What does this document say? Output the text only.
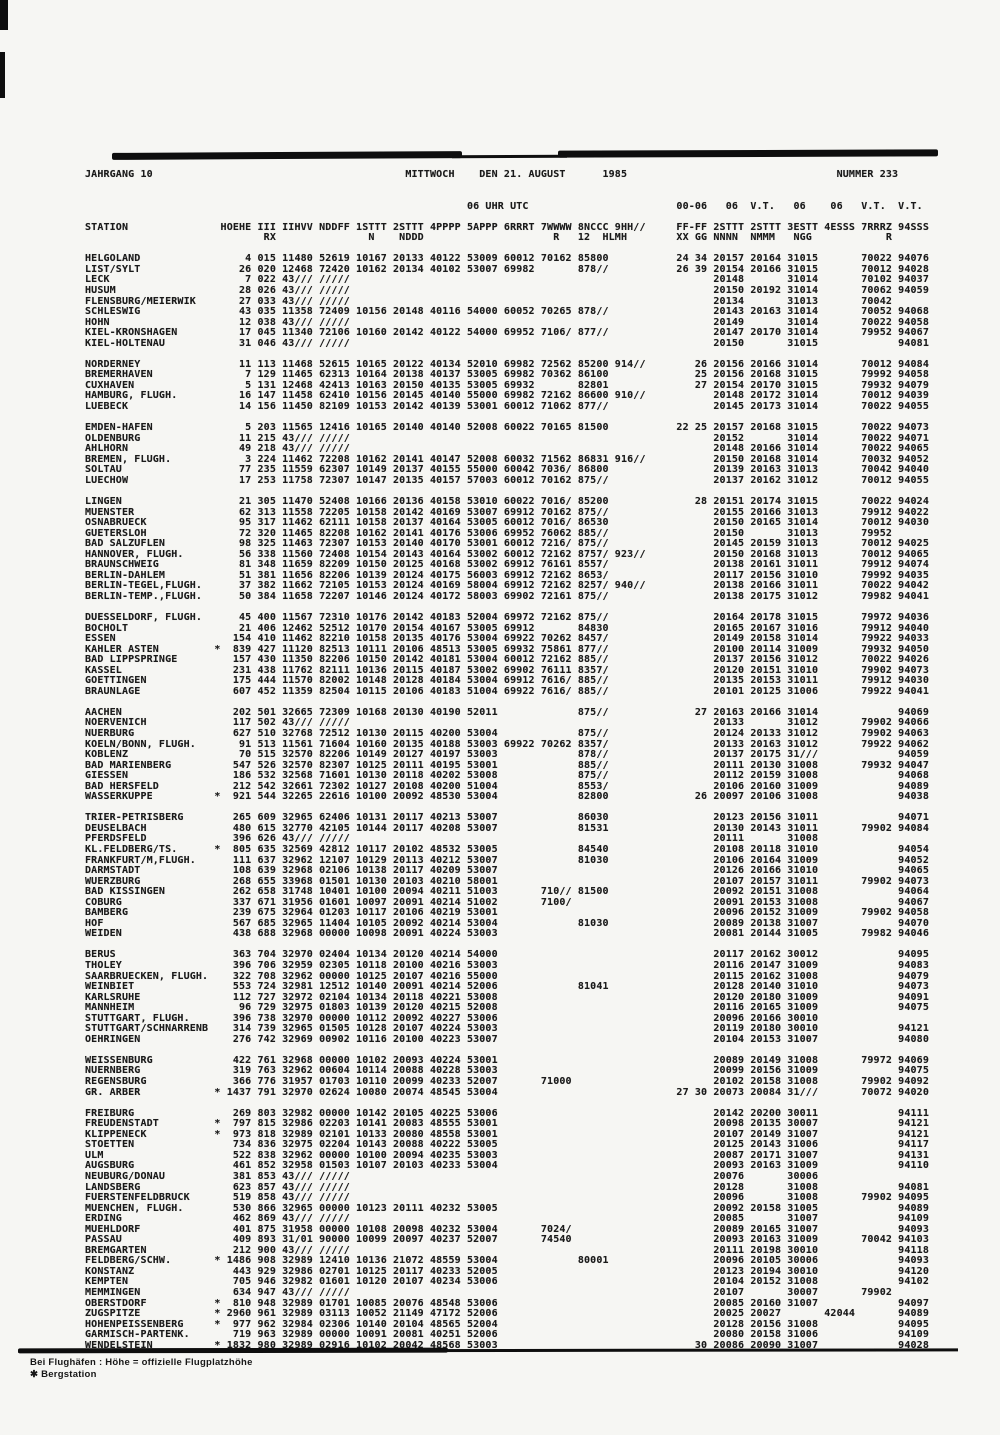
JAHRGANG 10                                         MITTWOCH    DEN 21. AUGUST      1985                                  NUMMER 233
06 UHR UTC                        00-06   06  V.T.   06    06   V.T.  V.T.
STATION               HOEHE III IIHVV NDDFF 1STTT 2STTT 4PPPP 5APPP 6RRRT 7WWWW 8NCCC 9HH//     FF-FF 2STTT 2STTT 3ESTT 4ESSS 7RRRZ 94SSS
RX               N    NDDD                     R   12  HLMH        XX GG NNNN  NMMM   NGG            R
HELGOLAND                 4 015 11480 52619 10167 20133 40122 53009 60012 70162 85800           24 34 20157 20164 31015       70022 94076
LIST/SYLT                26 020 12468 72420 10162 20134 40102 53007 69982       878//           26 39 20154 20166 31015       70012 94028
LECK                      7 022 43/// /////                                                           20148       31014       70102 94037
HUSUM                    28 026 43/// /////                                                           20150 20192 31014       70062 94059
FLENSBURG/MEIERWIK       27 033 43/// /////                                                           20134       31013       70042
SCHLESWIG                43 035 11358 72409 10156 20148 40116 54000 60052 70265 878//                 20143 20163 31014       70052 94068
HOHN                     12 038 43/// /////                                                           20149       31014       70022 94058
KIEL-KRONSHAGEN          17 045 11340 72106 10160 20142 40122 54000 69952 7106/ 877//                 20147 20170 31014       79952 94067
KIEL-HOLTENAU            31 046 43/// /////                                                           20150       31015             94081
NORDERNEY                11 113 11468 52615 10165 20122 40134 52010 69982 72562 85200 914//        26 20156 20166 31014       70012 94084
BREMERHAVEN               7 129 11465 62313 10164 20138 40137 53005 69982 70362 86100              25 20156 20168 31015       79992 94058
CUXHAVEN                  5 131 12468 42413 10163 20150 40135 53005 69932       82801              27 20154 20170 31015       79932 94079
HAMBURG, FLUGH.          16 147 11458 62410 10156 20145 40140 55000 69982 72162 86600 910//           20148 20172 31014       70012 94039
LUEBECK                  14 156 11450 82109 10153 20142 40139 53001 60012 71062 877//                 20145 20173 31014       70022 94055
EMDEN-HAFEN               5 203 11565 12416 10165 20140 40140 52008 60022 70165 81500           22 25 20157 20168 31015       70022 94073
OLDENBURG                11 215 43/// /////                                                           20152       31014       70022 94071
AHLHORN                  49 218 43/// /////                                                           20148 20166 31014       70022 94065
BREMEN, FLUGH.            3 224 11462 72208 10162 20141 40147 52008 60032 71562 86831 916//           20150 20168 31014       70032 94052
SOLTAU                   77 235 11559 62307 10149 20137 40155 55000 60042 7036/ 86800                 20139 20163 31013       70042 94040
LUECHOW                  17 253 11758 72307 10147 20135 40157 57003 60012 70162 875//                 20137 20162 31012       70012 94055
LINGEN                   21 305 11470 52408 10166 20136 40158 53010 60022 7016/ 85200              28 20151 20174 31015       70022 94024
MUENSTER                 62 313 11558 72205 10158 20142 40169 53007 69912 70162 875//                 20155 20166 31013       79912 94022
OSNABRUECK               95 317 11462 62111 10158 20137 40164 53005 60012 7016/ 86530                 20150 20165 31014       70012 94030
GUETERSLOH               72 320 11465 82208 10162 20141 40176 53006 69952 76062 885//                 20150       31013       79952
BAD SALZUFLEN            98 325 11463 72307 10153 20140 40170 53001 60012 7216/ 875//                 20145 20159 31013       70012 94025
HANNOVER, FLUGH.         56 338 11560 72408 10154 20143 40164 53002 60012 72162 8757/ 923//           20150 20168 31013       70012 94065
BRAUNSCHWEIG             81 348 11659 82209 10150 20125 40168 53002 69912 76161 8557/                 20138 20161 31011       79912 94074
BERLIN-DAHLEM            51 381 11656 82206 10139 20124 40175 56003 69912 72162 8653/                 20117 20156 31010       79992 94035
BERLIN-TEGEL,FLUGH.      37 382 11662 72105 10153 20124 40169 58004 69912 72162 8257/ 940//           20138 20166 31011       70022 94042
BERLIN-TEMP.,FLUGH.      50 384 11658 72207 10146 20124 40172 58003 69902 72161 875//                 20138 20175 31012       79982 94041
DUESSELDORF, FLUGH.      45 400 11567 72310 10176 20142 40183 52004 69972 72162 875//                 20164 20178 31015       79972 94036
BOCHOLT                  21 406 12462 52512 10170 20154 40167 53005 69912       84830                 20165 20167 31016       79912 94040
ESSEN                   154 410 11462 82210 10158 20135 40176 53004 69922 70262 8457/                 20149 20158 31014       79922 94033
KAHLER ASTEN         *  839 427 11120 82513 10111 20106 48513 53005 69932 75861 877//                 20100 20114 31009       79932 94050
BAD LIPPSPRINGE         157 430 11350 82206 10150 20142 40181 53004 60012 72162 885//                 20137 20156 31012       70022 94026
KASSEL                  231 438 11762 82111 10136 20115 40187 53002 69902 76111 8357/                 20120 20151 31010       79902 94073
GOETTINGEN              175 444 11570 82002 10148 20128 40184 53004 69912 7616/ 885//                 20135 20153 31011       79912 94030
BRAUNLAGE               607 452 11359 82504 10115 20106 40183 51004 69922 7616/ 885//                 20101 20125 31006       79922 94041
AACHEN                  202 501 32665 72309 10168 20130 40190 52011             875//              27 20163 20166 31014             94069
NOERVENICH              117 502 43/// /////                                                           20133       31012       79902 94066
NUERBURG                627 510 32768 72512 10130 20115 40200 53004             875//                 20124 20133 31012       79902 94063
KOELN/BONN, FLUGH.       91 513 11561 71604 10160 20135 40188 53003 69922 70262 8357/                 20133 20163 31012       79922 94062
KOBLENZ                  70 515 32570 82206 10149 20127 40197 53003             878//                 20137 20175 31///             94059
BAD MARIENBERG          547 526 32570 82307 10125 20111 40195 53001             885//                 20111 20130 31008       79932 94047
GIESSEN                 186 532 32568 71601 10130 20118 40202 53008             875//                 20112 20159 31008             94068
BAD HERSFELD            212 542 32661 72302 10127 20108 40200 51004             8553/                 20106 20160 31009             94089
WASSERKUPPE          *  921 544 32265 22616 10100 20092 48530 53004             82800              26 20097 20106 31008             94038
TRIER-PETRISBERG        265 609 32965 62406 10131 20117 40213 53007             86030                 20123 20156 31011             94071
DEUSELBACH              480 615 32770 42105 10144 20117 40208 53007             81531                 20130 20143 31011       79902 94084
PFERDSFELD              396 626 43/// /////                                                           20111       31008
KL.FELDBERG/TS.      *  805 635 32569 42812 10117 20102 48532 53005             84540                 20108 20118 31010             94054
FRANKFURT/M,FLUGH.      111 637 32962 12107 10129 20113 40212 53007             81030                 20106 20164 31009             94052
DARMSTADT               108 639 32968 02106 10138 20117 40209 53007                                   20126 20166 31010             94065
WUERZBURG               268 655 33968 01501 10130 20103 40210 58001                                   20107 20157 31011       79902 94073
BAD KISSINGEN           262 658 31748 10401 10100 20094 40211 51003       710// 81500                 20092 20151 31008             94064
COBURG                  337 671 31956 01601 10097 20091 40214 51002       7100/                       20091 20153 31008             94067
BAMBERG                 239 675 32964 01203 10117 20106 40219 53001                                   20096 20152 31009       79902 94058
HOF                     567 685 32965 11404 10105 20092 40214 53004             81030                 20089 20138 31007             94070
WEIDEN                  438 688 32968 00000 10098 20091 40224 53003                                   20081 20144 31005       79982 94046
BERUS                   363 704 32970 02404 10134 20120 40214 54000                                   20117 20162 30012             94095
THOLEY                  396 706 32959 02305 10118 20100 40216 53003                                   20116 20147 31009             94083
SAARBRUECKEN, FLUGH.    322 708 32962 00000 10125 20107 40216 55000                                   20115 20162 31008             94079
WEINBIET                553 724 32981 12512 10140 20091 40214 52006             81041                 20128 20140 31010             94073
KARLSRUHE               112 727 32972 02104 10134 20118 40221 53008                                   20120 20180 31009             94091
MANNHEIM                 96 729 32975 01803 10139 20120 40215 52008                                   20116 20165 31009             94075
STUTTGART, FLUGH.       396 738 32970 00000 10112 20092 40227 53006                                   20096 20166 30010
STUTTGART/SCHNARRENB    314 739 32965 01505 10128 20107 40224 53003                                   20119 20180 30010             94121
OEHRINGEN               276 742 32969 00902 10116 20100 40223 53007                                   20104 20153 31007             94080
WEISSENBURG             422 761 32968 00000 10102 20093 40224 53001                                   20089 20149 31008       79972 94069
NUERNBERG               319 763 32962 00604 10114 20088 40228 53003                                   20099 20156 31009             94075
REGENSBURG              366 776 31957 01703 10110 20099 40233 52007       71000                       20102 20158 31008       79902 94092
GR. ARBER            * 1437 791 32970 02624 10080 20074 48545 53004                             27 30 20073 20084 31///       70072 94020
FREIBURG                269 803 32982 00000 10142 20105 40225 53006                                   20142 20200 30011             94111
FREUDENSTADT         *  797 815 32986 02203 10141 20083 48555 53001                                   20098 20135 30007             94121
KLIPPENECK           *  973 818 32989 02101 10133 20080 48558 53001                                   20107 20149 31007             94121
STOETTEN                734 836 32975 02204 10143 20088 40222 53005                                   20125 20143 31006             94117
ULM                     522 838 32962 00000 10100 20094 40235 53003                                   20087 20171 31007             94131
AUGSBURG                461 852 32958 01503 10107 20103 40233 53004                                   20093 20163 31009             94110
NEUBURG/DONAU           381 853 43/// /////                                                           20076       30006
LANDSBERG               623 857 43/// /////                                                           20128       31008             94081
FUERSTENFELDBRUCK       519 858 43/// /////                                                           20096       31008       79902 94095
MUENCHEN, FLUGH.        530 866 32965 00000 10123 20111 40232 53005                                   20092 20158 31005             94089
ERDING                  462 869 43/// /////                                                           20085       31007             94109
MUEHLDORF               401 875 31958 00000 10108 20098 40232 53004       7024/                       20089 20165 31007             94093
PASSAU                  409 893 31/01 90000 10099 20097 40237 52007       74540                       20093 20163 31009       70042 94103
BREMGARTEN              212 900 43/// /////                                                           20111 20198 30010             94118
FELDBERG/SCHW.       * 1486 908 32989 12410 10136 21072 48559 53004             80001                 20096 20105 30006             94093
KONSTANZ                443 929 32986 02701 10125 20117 40233 52005                                   20123 20194 30010             94120
KEMPTEN                 705 946 32982 01601 10120 20107 40234 53006                                   20104 20152 31008             94102
MEMMINGEN               634 947 43/// /////                                                           20107       30007       79902
OBERSTDORF           *  810 948 32989 01701 10085 20076 48548 53006                                   20085 20160 31007             94097
ZUGSPITZE            * 2960 961 32989 03113 10052 21149 47172 52006                                   20025 20027       42044       94089
HOHENPEISSENBERG     *  977 962 32984 02306 10140 20104 48565 52004                                   20128 20156 31008             94095
GARMISCH-PARTENK.       719 963 32989 00000 10091 20081 40251 52006                                   20080 20158 31006             94109
WENDELSTEIN          * 1832 980 32989 02916 10102 20042 48568 53003                                30 20086 20090 31007             94028
Bei Flughäfen : Höhe = offizielle Flugplatzhöhe
✱ Bergstation
